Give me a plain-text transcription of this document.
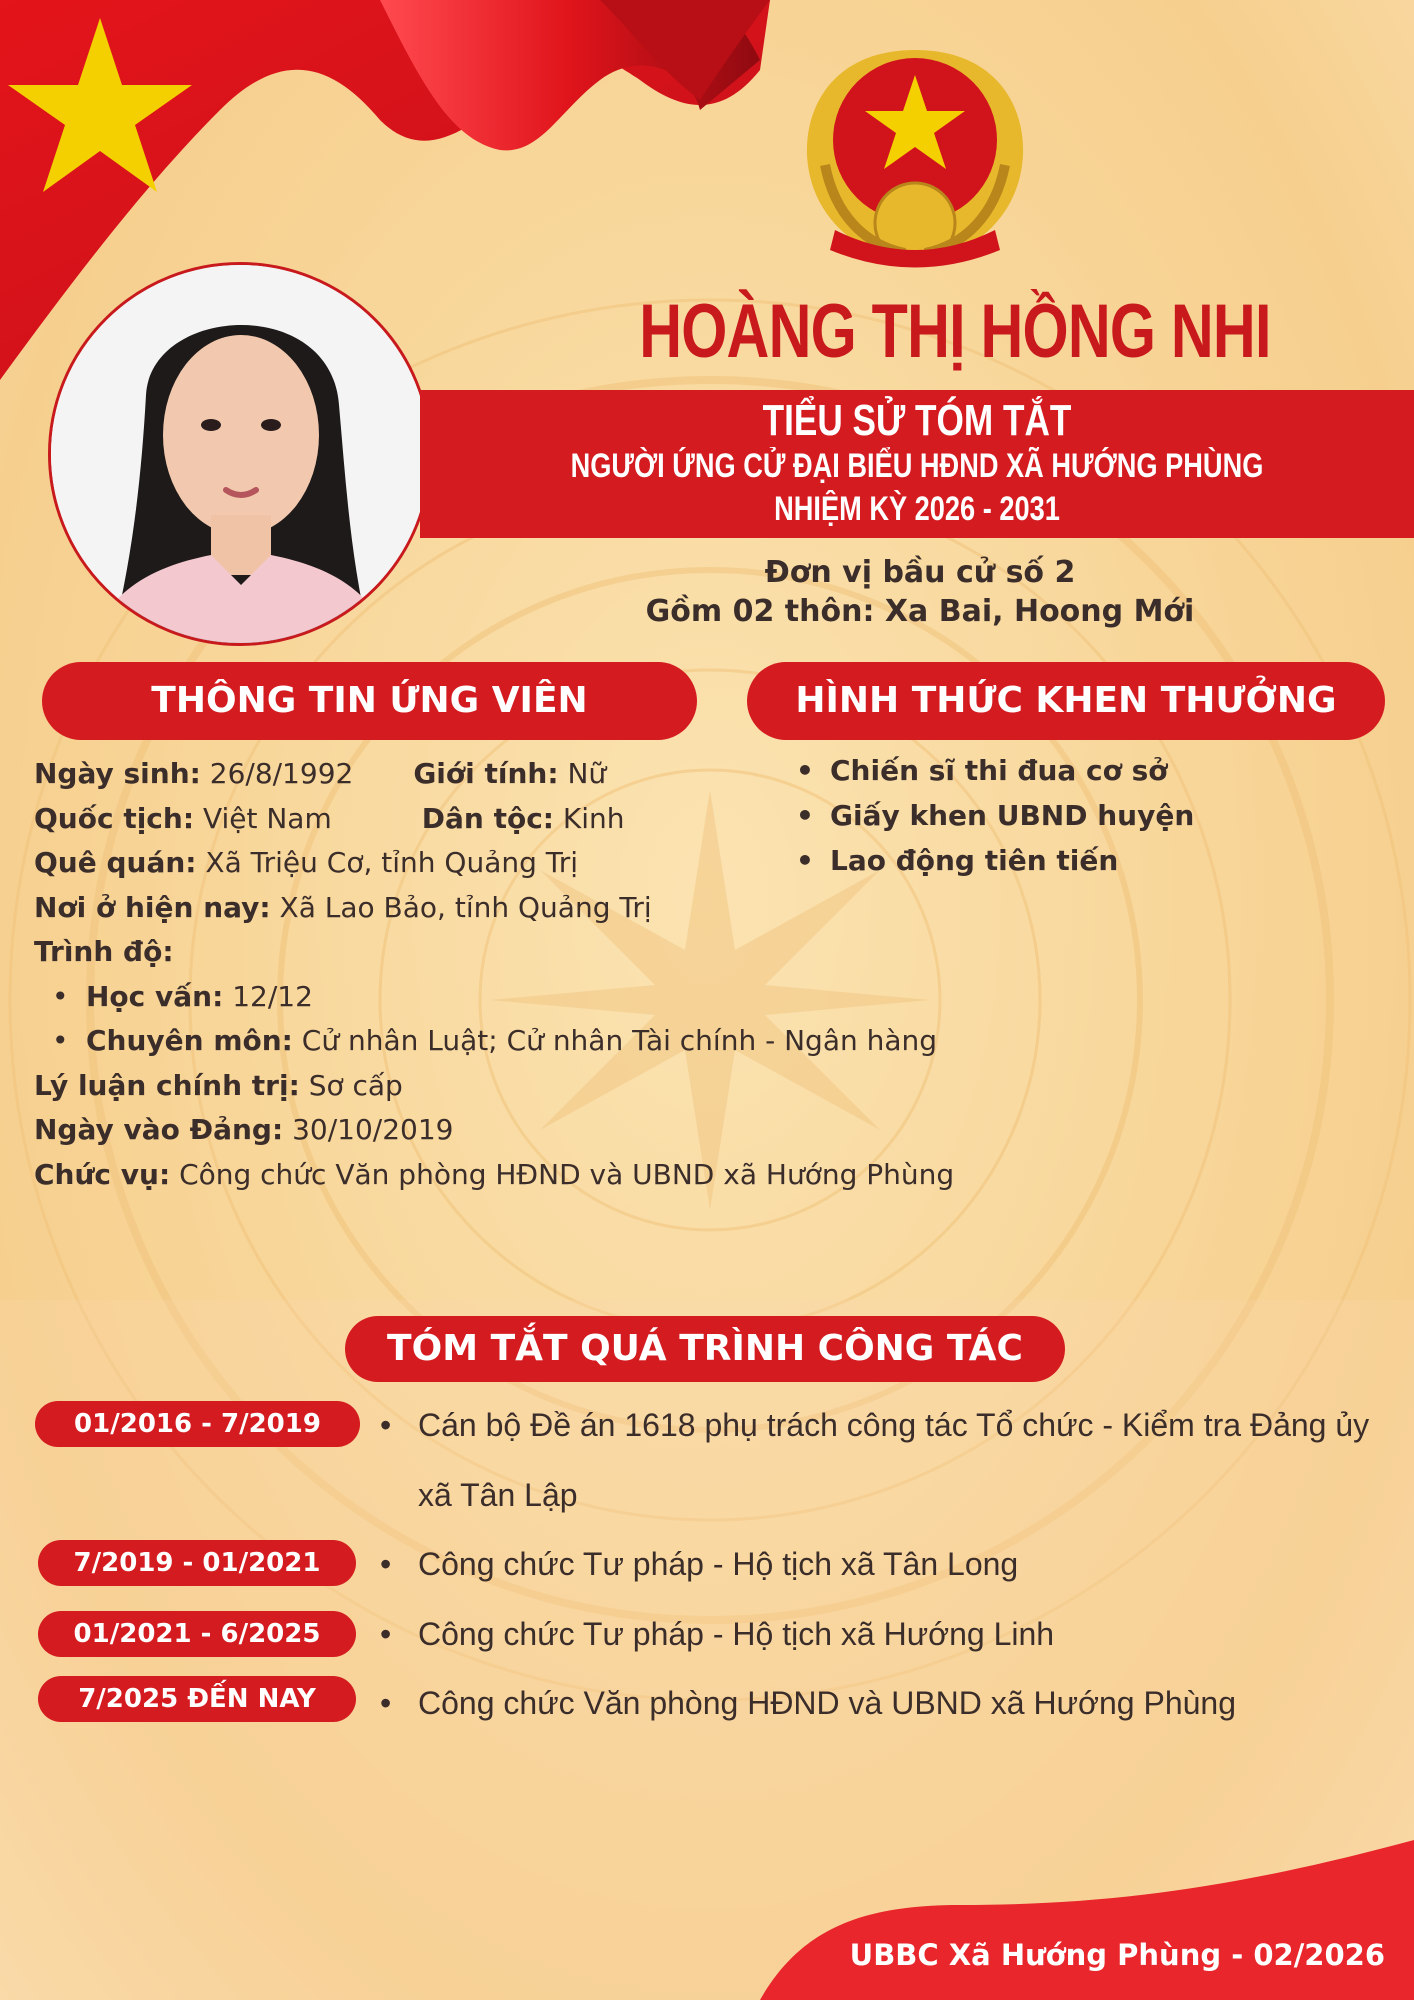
HOÀNG THỊ HỒNG NHI
TIỂU SỬ TÓM TẮT
NGƯỜI ỨNG CỬ ĐẠI BIỂU HĐND XÃ HƯỚNG PHÙNG
NHIỆM KỲ 2026 - 2031
Đơn vị bầu cử số 2
Gồm 02 thôn: Xa Bai, Hoong Mới
THÔNG TIN ỨNG VIÊN	HÌNH THỨC KHEN THƯỞNG
Ngày sinh: 26/8/1992 Giới tính: Nữ
Quốc tịch: Việt Nam	Dân tộc: Kinh
Quê quán: Xã Triệu Cơ, tỉnh Quảng Trị
Nơi ở hiện nay: Xã Lao Bảo, tỉnh Quảng Trị
Trình độ:
• Học vấn: 12/12
• Chuyên môn: Cử nhân Luật; Cử nhân Tài chính - Ngân hàng
Lý luận chính trị: Sơ cấp
Ngày vào Đảng: 30/10/2019
Chức vụ: Công chức Văn phòng HĐND và UBND xã Hướng Phùng
• Chiến sĩ thi đua cơ sở
• Giấy khen UBND huyện
• Lao động tiên tiến
TÓM TẮT QUÁ TRÌNH CÔNG TÁC
01/2016 - 7/2019	• Cán bộ Đề án 1618 phụ trách công tác Tổ chức - Kiểm tra Đảng ủy xã Tân Lập
7/2019 - 01/2021	• Công chức Tư pháp - Hộ tịch xã Tân Long
01/2021 - 6/2025	• Công chức Tư pháp - Hộ tịch xã Hướng Linh
7/2025 ĐẾN NAY	• Công chức Văn phòng HĐND và UBND xã Hướng Phùng
UBBC Xã Hướng Phùng - 02/2026
